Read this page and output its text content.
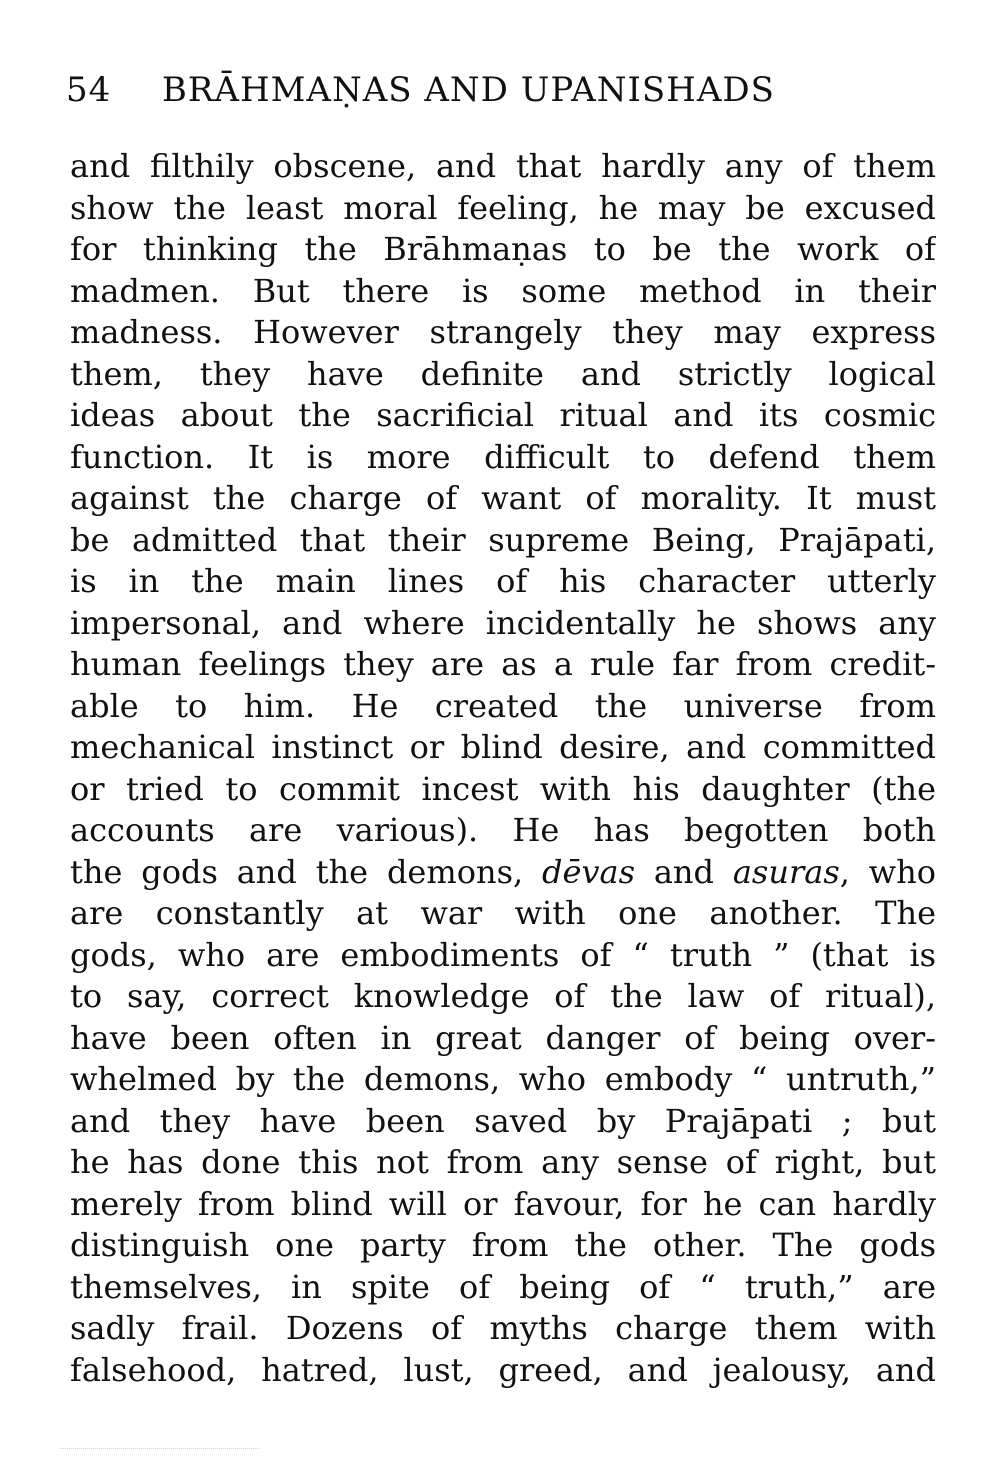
54 BRĀHMAṆAS AND UPANISHADS
and filthily obscene, and that hardly any of them
show the least moral feeling, he may be excused
for thinking the Brāhmaṇas to be the work of
madmen. But there is some method in their
madness. However strangely they may express
them, they have definite and strictly logical
ideas about the sacrificial ritual and its cosmic
function. It is more difficult to defend them
against the charge of want of morality. It must
be admitted that their supreme Being, Prajāpati,
is in the main lines of his character utterly
impersonal, and where incidentally he shows any
human feelings they are as a rule far from credit-
able to him. He created the universe from
mechanical instinct or blind desire, and committed
or tried to commit incest with his daughter (the
accounts are various). He has begotten both
the gods and the demons, dēvas and asuras, who
are constantly at war with one another. The
gods, who are embodiments of “ truth ” (that is
to say, correct knowledge of the law of ritual),
have been often in great danger of being over-
whelmed by the demons, who embody “ untruth,”
and they have been saved by Prajāpati ; but
he has done this not from any sense of right, but
merely from blind will or favour, for he can hardly
distinguish one party from the other. The gods
themselves, in spite of being of “ truth,” are
sadly frail. Dozens of myths charge them with
falsehood, hatred, lust, greed, and jealousy, and
